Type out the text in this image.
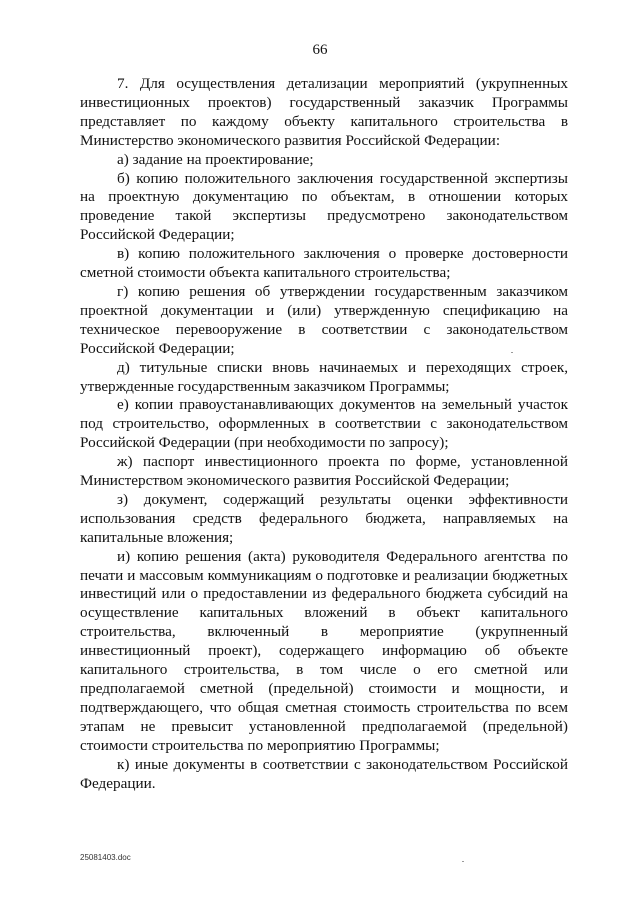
66

7. Для осуществления детализации мероприятий (укрупненных инвестиционных проектов) государственный заказчик Программы представляет по каждому объекту капитального строительства в Министерство экономического развития Российской Федерации:

а) задание на проектирование;

б) копию положительного заключения государственной экспертизы на проектную документацию по объектам, в отношении которых проведение такой экспертизы предусмотрено законодательством Российской Федерации;

в) копию положительного заключения о проверке достоверности сметной стоимости объекта капитального строительства;

г) копию решения об утверждении государственным заказчиком проектной документации и (или) утвержденную спецификацию на техническое перевооружение в соответствии с законодательством Российской Федерации;

д) титульные списки вновь начинаемых и переходящих строек, утвержденные государственным заказчиком Программы;

е) копии правоустанавливающих документов на земельный участок под строительство, оформленных в соответствии с законодательством Российской Федерации (при необходимости по запросу);

ж) паспорт инвестиционного проекта по форме, установленной Министерством экономического развития Российской Федерации;

з) документ, содержащий результаты оценки эффективности использования средств федерального бюджета, направляемых на капитальные вложения;

и) копию решения (акта) руководителя Федерального агентства по печати и массовым коммуникациям о подготовке и реализации бюджетных инвестиций или о предоставлении из федерального бюджета субсидий на осуществление капитальных вложений в объект капитального строительства, включенный в мероприятие (укрупненный инвестиционный проект), содержащего информацию об объекте капитального строительства, в том числе о его сметной или предполагаемой сметной (предельной) стоимости и мощности, и подтверждающего, что общая сметная стоимость строительства по всем этапам не превысит установленной предполагаемой (предельной) стоимости строительства по мероприятию Программы;

к) иные документы в соответствии с законодательством Российской Федерации.

25081403.doc
